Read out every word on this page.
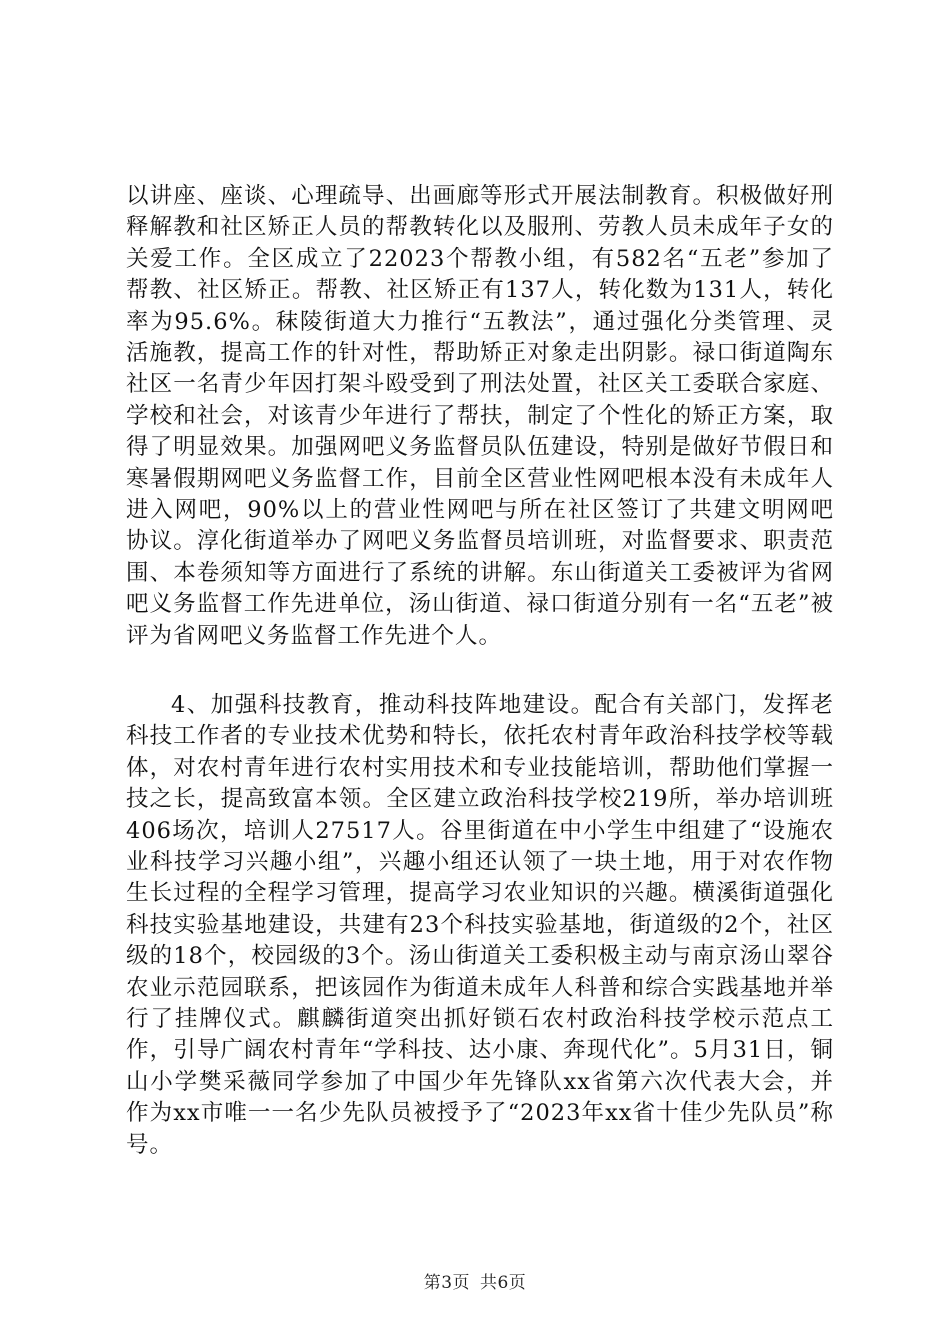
以讲座、座谈、心理疏导、出画廊等形式开展法制教育。积极做好刑释解教和社区矫正人员的帮教转化以及服刑、劳教人员未成年子女的关爱工作。全区成立了22023个帮教小组，有582名“五老”参加了帮教、社区矫正。帮教、社区矫正有137人，转化数为131人，转化率为95.6%。秣陵街道大力推行“五教法”，通过强化分类管理、灵活施教，提高工作的针对性，帮助矫正对象走出阴影。禄口街道陶东社区一名青少年因打架斗殴受到了刑法处置，社区关工委联合家庭、学校和社会，对该青少年进行了帮扶，制定了个性化的矫正方案，取得了明显效果。加强网吧义务监督员队伍建设，特别是做好节假日和寒暑假期网吧义务监督工作，目前全区营业性网吧根本没有未成年人进入网吧，90%以上的营业性网吧与所在社区签订了共建文明网吧协议。淳化街道举办了网吧义务监督员培训班，对监督要求、职责范围、本卷须知等方面进行了系统的讲解。东山街道关工委被评为省网吧义务监督工作先进单位，汤山街道、禄口街道分别有一名“五老”被评为省网吧义务监督工作先进个人。

4、加强科技教育，推动科技阵地建设。配合有关部门，发挥老科技工作者的专业技术优势和特长，依托农村青年政治科技学校等载体，对农村青年进行农村实用技术和专业技能培训，帮助他们掌握一技之长，提高致富本领。全区建立政治科技学校219所，举办培训班406场次，培训人27517人。谷里街道在中小学生中组建了“设施农业科技学习兴趣小组”，兴趣小组还认领了一块土地，用于对农作物生长过程的全程学习管理，提高学习农业知识的兴趣。横溪街道强化科技实验基地建设，共建有23个科技实验基地，街道级的2个，社区级的18个，校园级的3个。汤山街道关工委积极主动与南京汤山翠谷农业示范园联系，把该园作为街道未成年人科普和综合实践基地并举行了挂牌仪式。麒麟街道突出抓好锁石农村政治科技学校示范点工作，引导广阔农村青年“学科技、达小康、奔现代化”。5月31日，铜山小学樊采薇同学参加了中国少年先锋队xx省第六次代表大会，并作为xx市唯一一名少先队员被授予了“2023年xx省十佳少先队员”称号。

第3页 共6页
